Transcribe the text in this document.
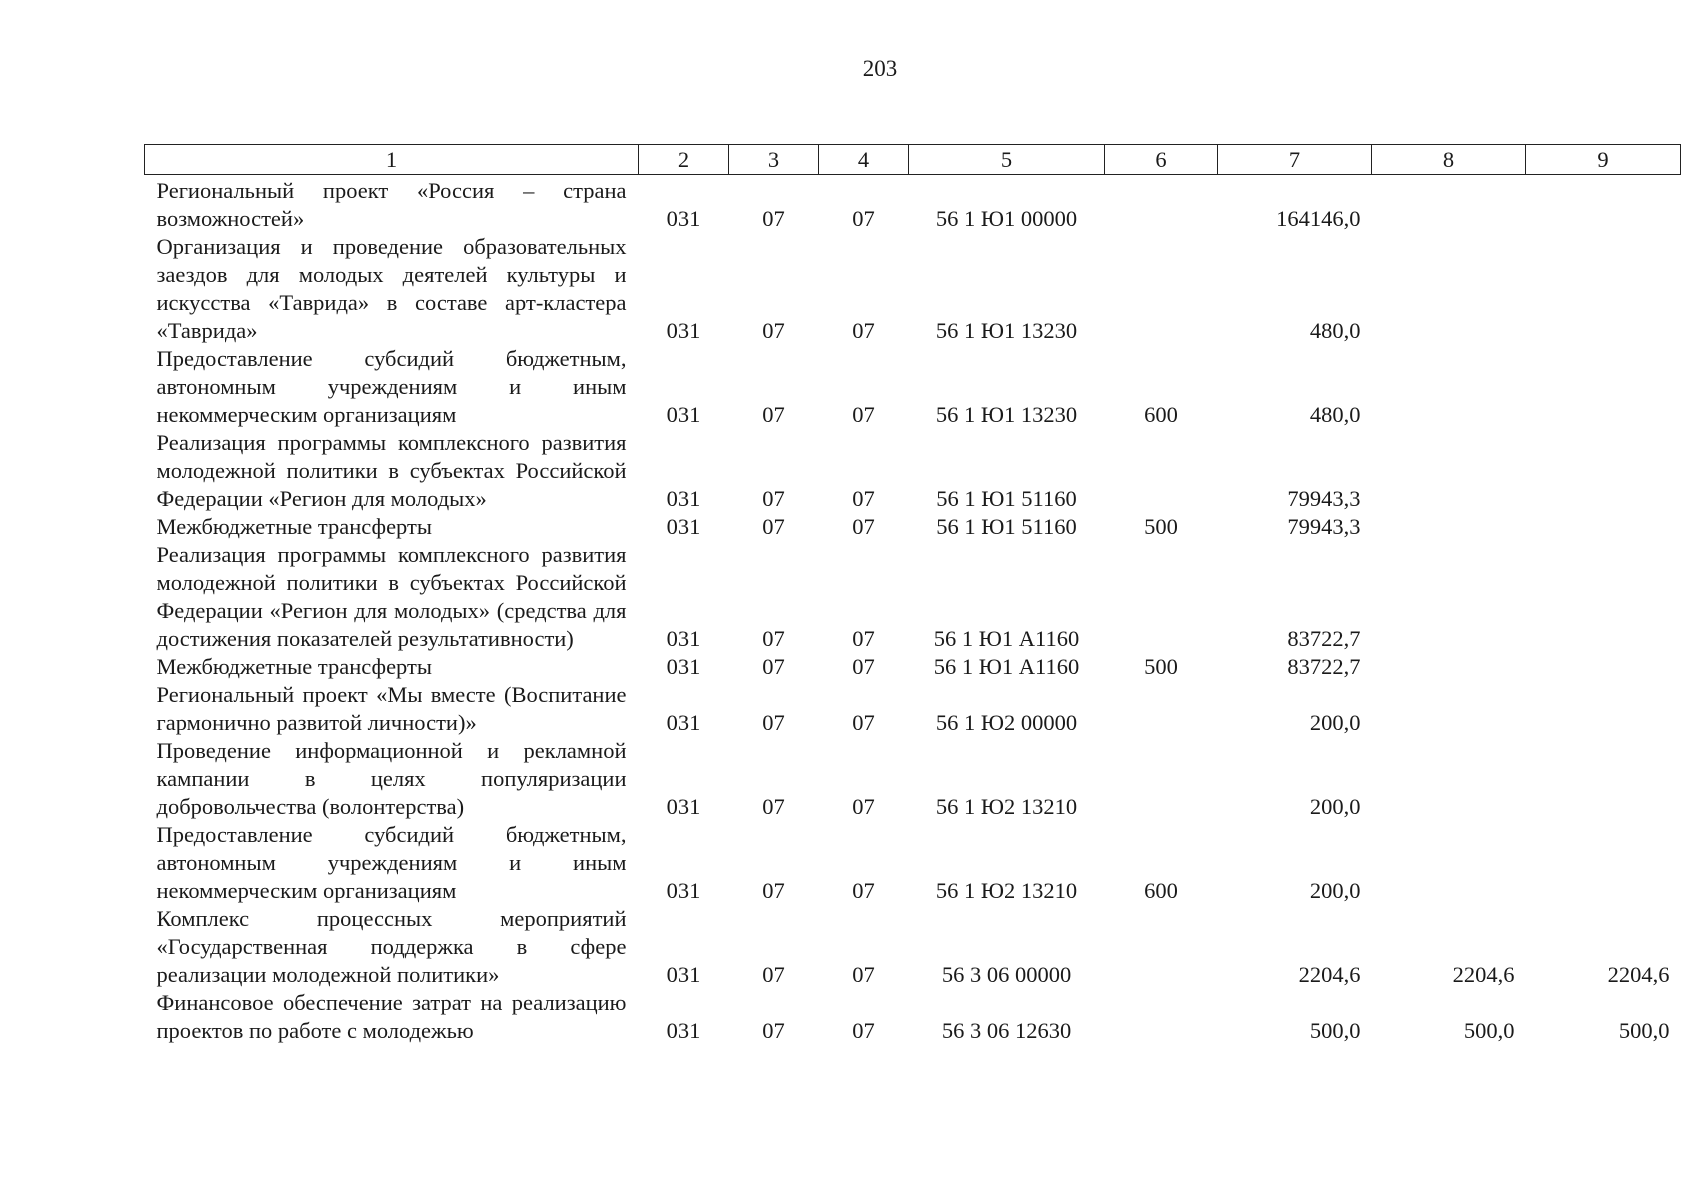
203
1	2	3	4	5	6	7	8	9
Региональный проект «Россия – страна возможностей»	031	07	07	56 1 Ю1 00000		164146,0		
Организация и проведение образовательных заездов для молодых деятелей культуры и искусства «Таврида» в составе арт-кластера «Таврида»	031	07	07	56 1 Ю1 13230		480,0		
Предоставление субсидий бюджетным, автономным учреждениям и иным некоммерческим организациям	031	07	07	56 1 Ю1 13230	600	480,0		
Реализация программы комплексного развития молодежной политики в субъектах Российской Федерации «Регион для молодых»	031	07	07	56 1 Ю1 51160		79943,3		
Межбюджетные трансферты	031	07	07	56 1 Ю1 51160	500	79943,3		
Реализация программы комплексного развития молодежной политики в субъектах Российской Федерации «Регион для молодых» (средства для достижения показателей результативности)	031	07	07	56 1 Ю1 А1160		83722,7		
Межбюджетные трансферты	031	07	07	56 1 Ю1 А1160	500	83722,7		
Региональный проект «Мы вместе (Воспитание гармонично развитой личности)»	031	07	07	56 1 Ю2 00000		200,0		
Проведение информационной и рекламной кампании в целях популяризации добровольчества (волонтерства)	031	07	07	56 1 Ю2 13210		200,0		
Предоставление субсидий бюджетным, автономным учреждениям и иным некоммерческим организациям	031	07	07	56 1 Ю2 13210	600	200,0		
Комплекс процессных мероприятий «Государственная поддержка в сфере реализации молодежной политики»	031	07	07	56 3 06 00000		2204,6	2204,6	2204,6
Финансовое обеспечение затрат на реализацию проектов по работе с молодежью	031	07	07	56 3 06 12630		500,0	500,0	500,0
